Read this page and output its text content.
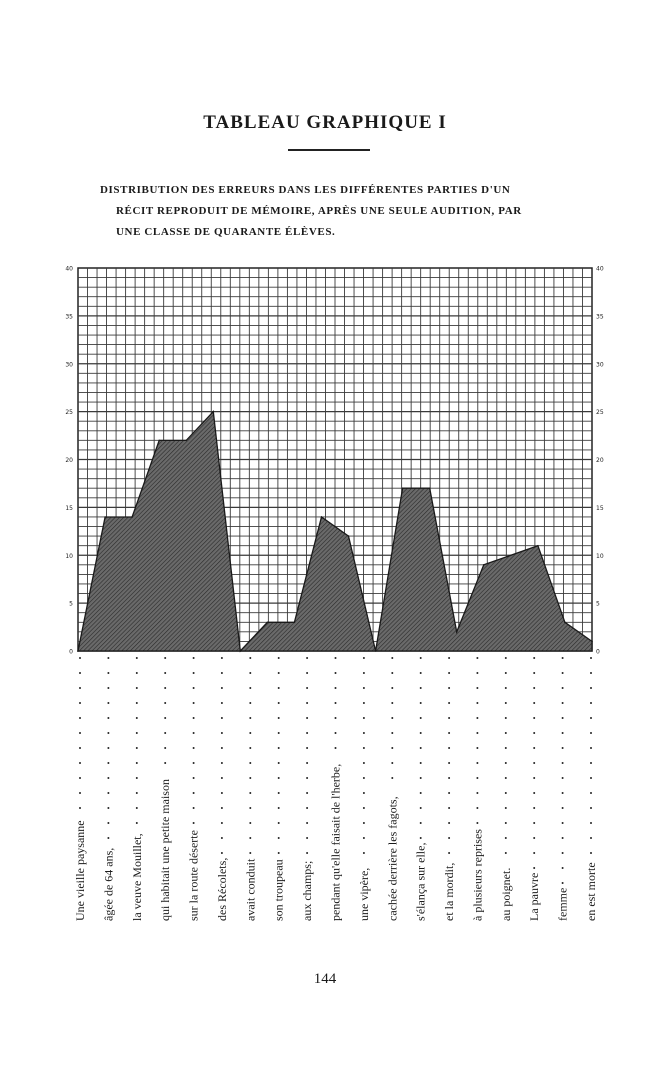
TABLEAU GRAPHIQUE I
DISTRIBUTION DES ERREURS DANS LES DIFFÉRENTES PARTIES D'UN
RÉCIT REPRODUIT DE MÉMOIRE, APRÈS UNE SEULE AUDITION, PAR
UNE CLASSE DE QUARANTE ÉLÈVES.
0	0
5	5
10	10
15	15
20	20
25	25
30	30
35	35
40	40
Une vieille paysanne âgée de 64 ans, la veuve Mouillet, qui habitait une petite maison sur la route déserte des Récolets, avait conduit son troupeau aux champs; pendant qu'elle faisait de l'herbe, une vipère, cachée derrière les fagots, s'élança sur elle, et la mordit, à plusieurs reprises au poignet. La pauvre femme en est morte
144
